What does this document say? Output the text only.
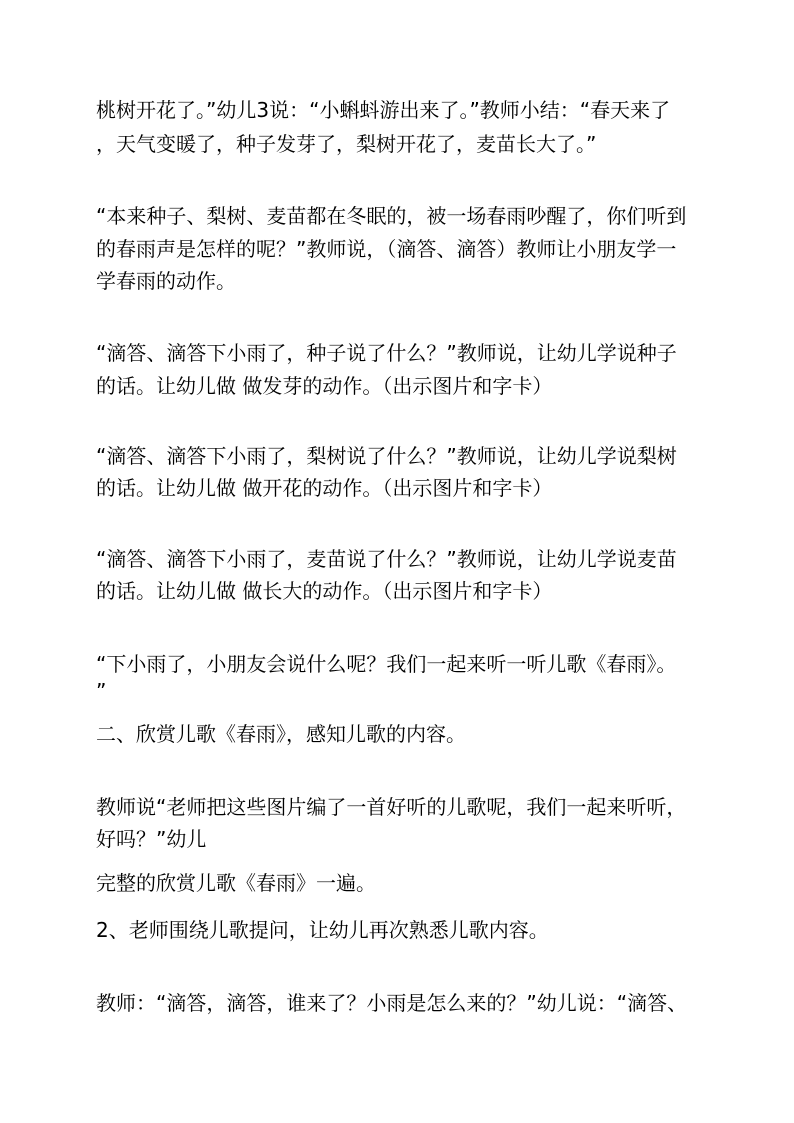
桃树开花了。”幼儿3说：“小蝌蚪游出来了。”教师小结：“春天来了
，天气变暖了，种子发芽了，梨树开花了，麦苗长大了。”
“本来种子、梨树、麦苗都在冬眠的，被一场春雨吵醒了，你们听到
的春雨声是怎样的呢？”教师说，（滴答、滴答）教师让小朋友学一
学春雨的动作。
“滴答、滴答下小雨了，种子说了什么？”教师说，让幼儿学说种子
的话。让幼儿做 做发芽的动作。（出示图片和字卡）
“滴答、滴答下小雨了，梨树说了什么？”教师说，让幼儿学说梨树
的话。让幼儿做 做开花的动作。（出示图片和字卡）
“滴答、滴答下小雨了，麦苗说了什么？”教师说，让幼儿学说麦苗
的话。让幼儿做 做长大的动作。（出示图片和字卡）
“下小雨了，小朋友会说什么呢？我们一起来听一听儿歌《春雨》。
”
二、欣赏儿歌《春雨》，感知儿歌的内容。
教师说“老师把这些图片编了一首好听的儿歌呢，我们一起来听听，
好吗？”幼儿
完整的欣赏儿歌《春雨》一遍。
2、老师围绕儿歌提问，让幼儿再次熟悉儿歌内容。
教师：“滴答，滴答，谁来了？小雨是怎么来的？”幼儿说：“滴答、
